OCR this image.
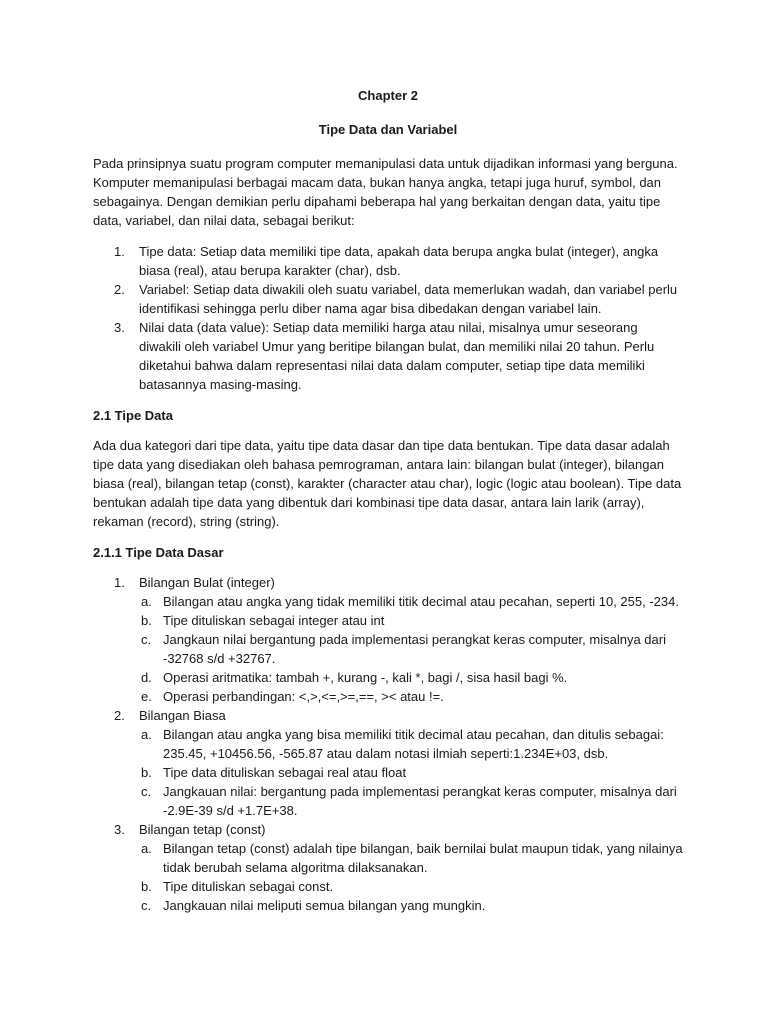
Chapter 2

Tipe Data dan Variabel

Pada prinsipnya suatu program computer memanipulasi data untuk dijadikan informasi yang berguna. Komputer memanipulasi berbagai macam data, bukan hanya angka, tetapi juga huruf, symbol, dan sebagainya. Dengan demikian perlu dipahami beberapa hal yang berkaitan dengan data, yaitu tipe data, variabel, dan nilai data, sebagai berikut:

1. Tipe data: Setiap data memiliki tipe data, apakah data berupa angka bulat (integer), angka biasa (real), atau berupa karakter (char), dsb.
2. Variabel: Setiap data diwakili oleh suatu variabel, data memerlukan wadah, dan variabel perlu identifikasi sehingga perlu diber nama agar bisa dibedakan dengan variabel lain.
3. Nilai data (data value): Setiap data memiliki harga atau nilai, misalnya umur seseorang diwakili oleh variabel Umur yang beritipe bilangan bulat, dan memiliki nilai 20 tahun. Perlu diketahui bahwa dalam representasi nilai data dalam computer, setiap tipe data memiliki batasannya masing-masing.
2.1 Tipe Data

Ada dua kategori dari tipe data, yaitu tipe data dasar dan tipe data bentukan. Tipe data dasar adalah tipe data yang disediakan oleh bahasa pemrograman, antara lain: bilangan bulat (integer), bilangan biasa (real), bilangan tetap (const), karakter (character atau char), logic (logic atau boolean). Tipe data bentukan adalah tipe data yang dibentuk dari kombinasi tipe data dasar, antara lain larik (array), rekaman (record), string (string).

2.1.1 Tipe Data Dasar
1. Bilangan Bulat (integer)
a. Bilangan atau angka yang tidak memiliki titik decimal atau pecahan, seperti 10, 255, -234.
b. Tipe dituliskan sebagai integer atau int
c. Jangkaun nilai bergantung pada implementasi perangkat keras computer, misalnya dari -32768 s/d +32767.
d. Operasi aritmatika: tambah +, kurang -, kali *, bagi /, sisa hasil bagi %.
e. Operasi perbandingan: <,>,<=,>=,==, >< atau !=.
2. Bilangan Biasa
a. Bilangan atau angka yang bisa memiliki titik decimal atau pecahan, dan ditulis sebagai: 235.45, +10456.56, -565.87 atau dalam notasi ilmiah seperti:1.234E+03, dsb.
b. Tipe data dituliskan sebagai real atau float
c. Jangkauan nilai: bergantung pada implementasi perangkat keras computer, misalnya dari -2.9E-39 s/d +1.7E+38.
3. Bilangan tetap (const)
a. Bilangan tetap (const) adalah tipe bilangan, baik bernilai bulat maupun tidak, yang nilainya tidak berubah selama algoritma dilaksanakan.
b. Tipe dituliskan sebagai const.
c. Jangkauan nilai meliputi semua bilangan yang mungkin.
